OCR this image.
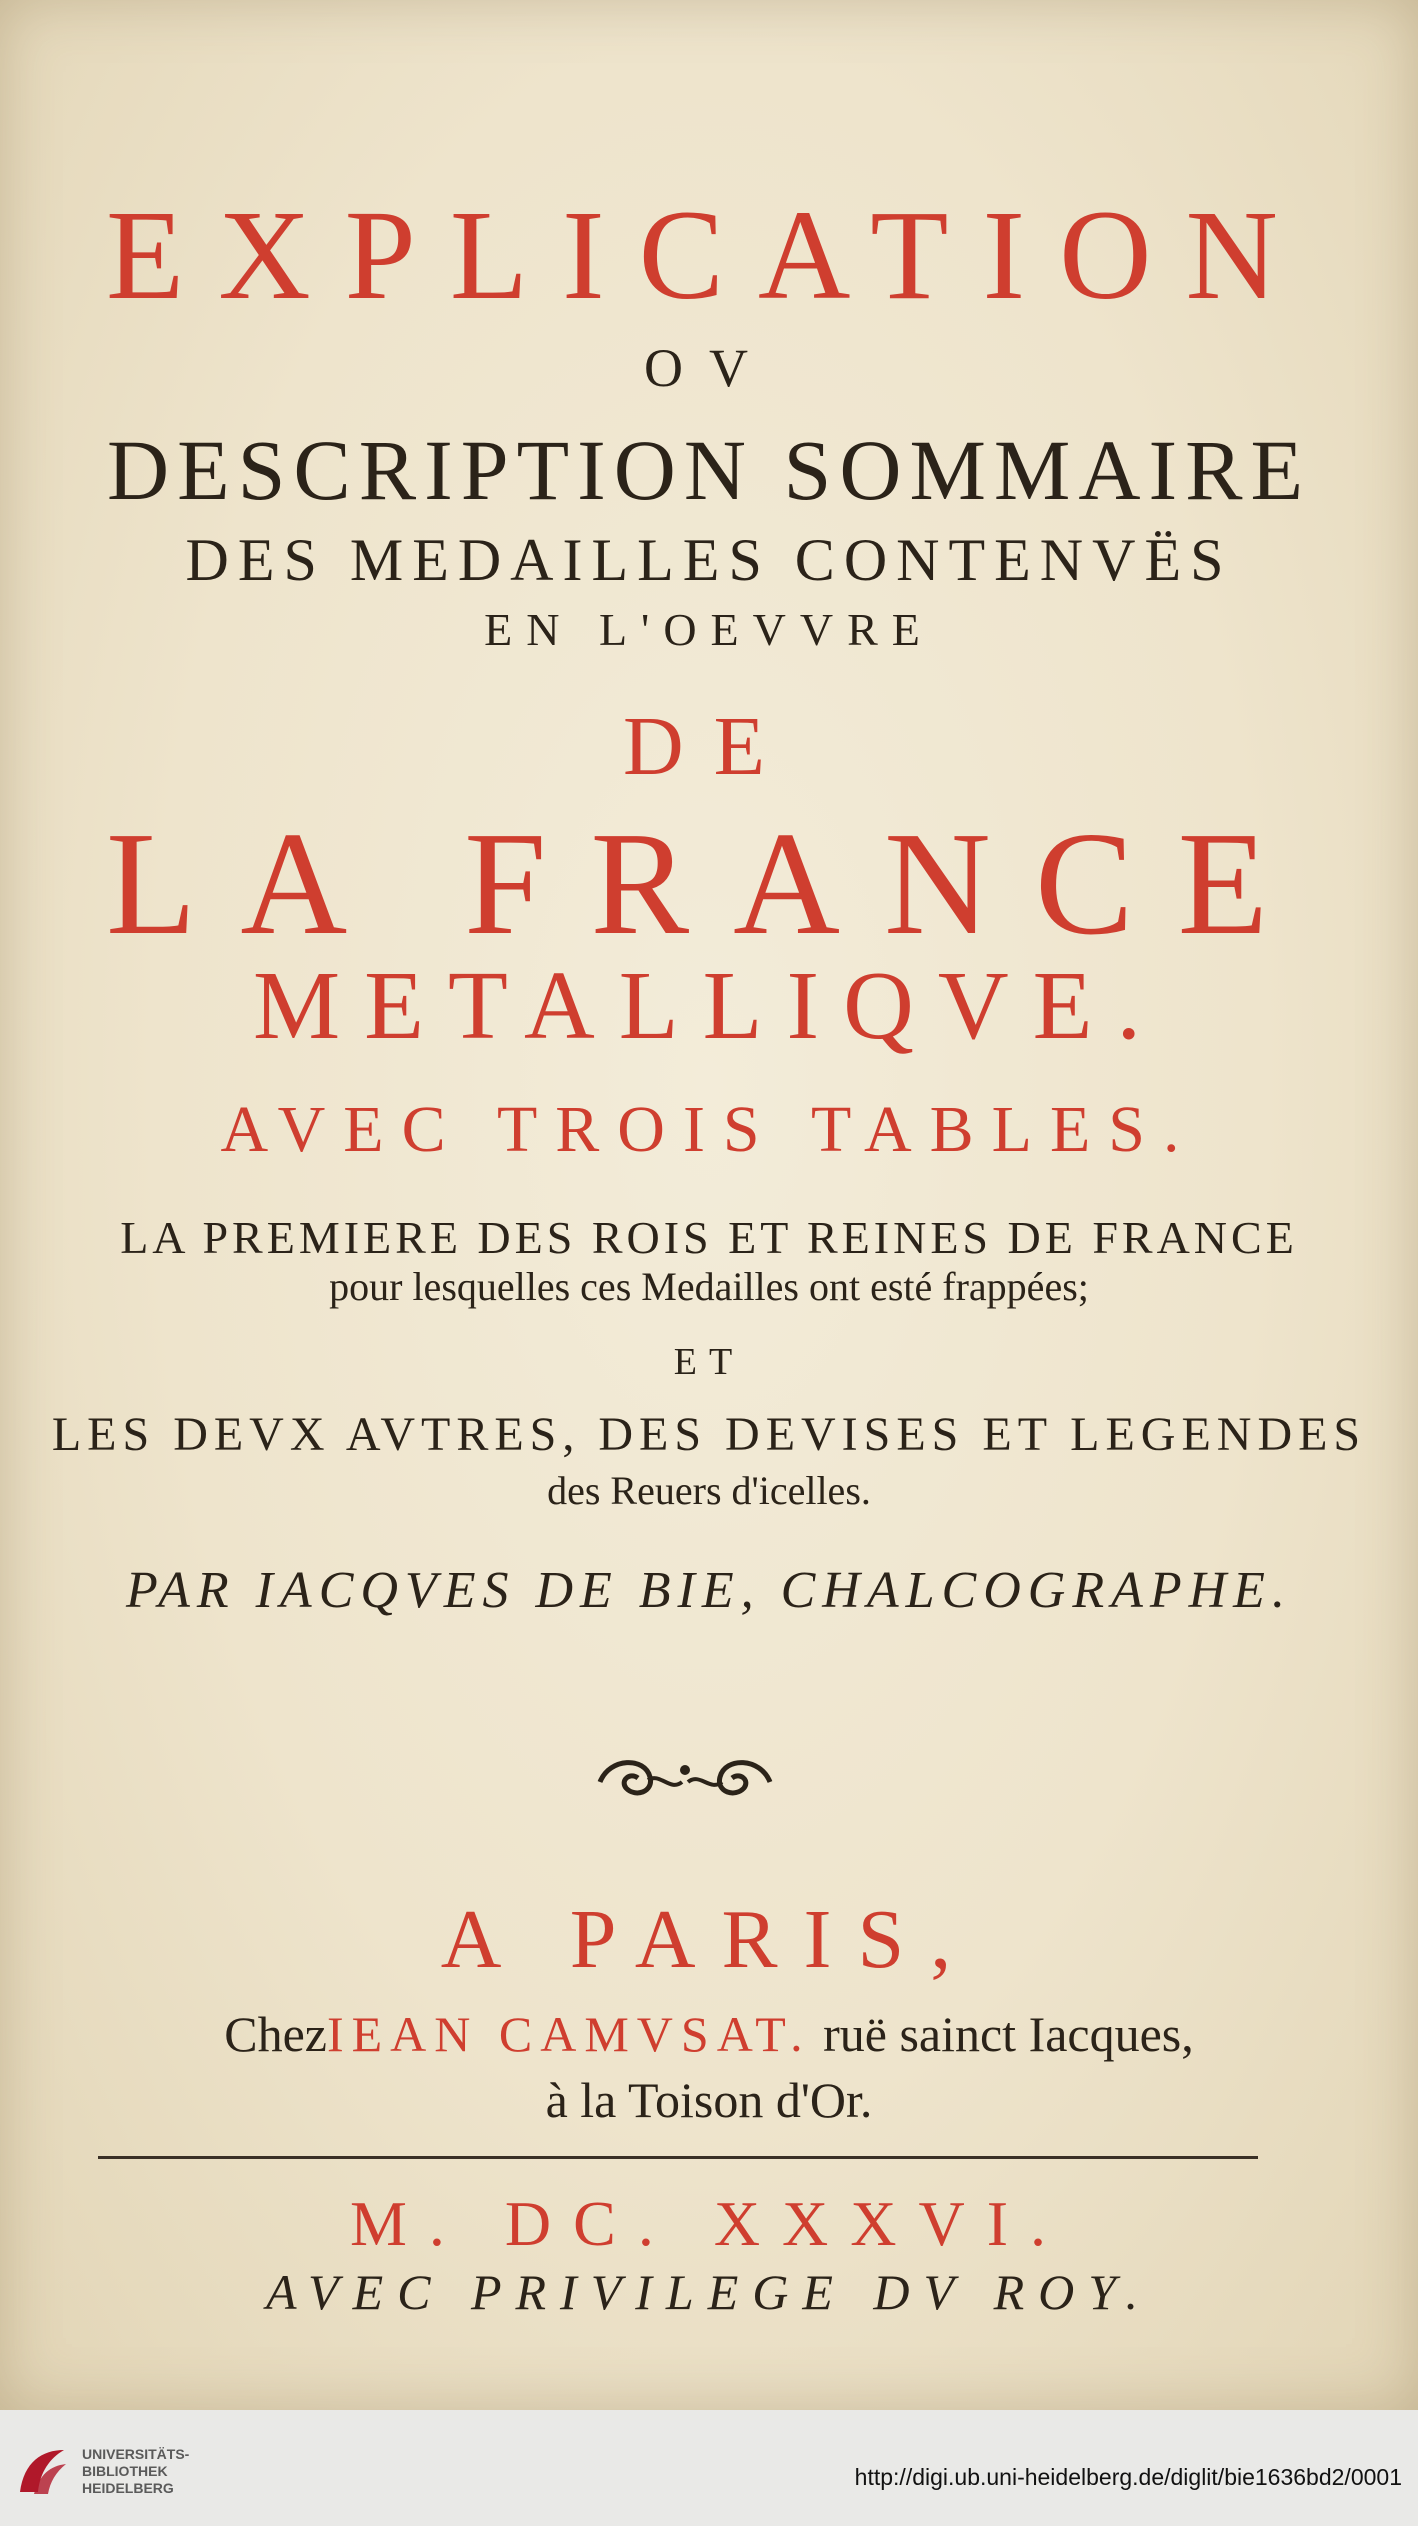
EXPLICATION

OV

DESCRIPTION SOMMAIRE

DES MEDAILLES CONTENVËS

EN L'OEVVRE

DE

LA FRANCE

METALLIQVE.

AVEC TROIS TABLES.

LA PREMIERE DES ROIS ET REINES DE FRANCE

pour lesquelles ces Medailles ont esté frappées;

ET

LES DEVX AVTRES, DES DEVISES ET LEGENDES

des Reuers d'icelles.

PAR IACQVES DE BIE, CHALCOGRAPHE.

A PARIS,

ChezIEAN CAMVSAT. ruë sainct Iacques,

à la Toison d'Or.

M. DC. XXXVI.

AVEC PRIVILEGE DV ROY.

UNIVERSITÄTS-
BIBLIOTHEK
HEIDELBERG	http://digi.ub.uni-heidelberg.de/diglit/bie1636bd2/0001
